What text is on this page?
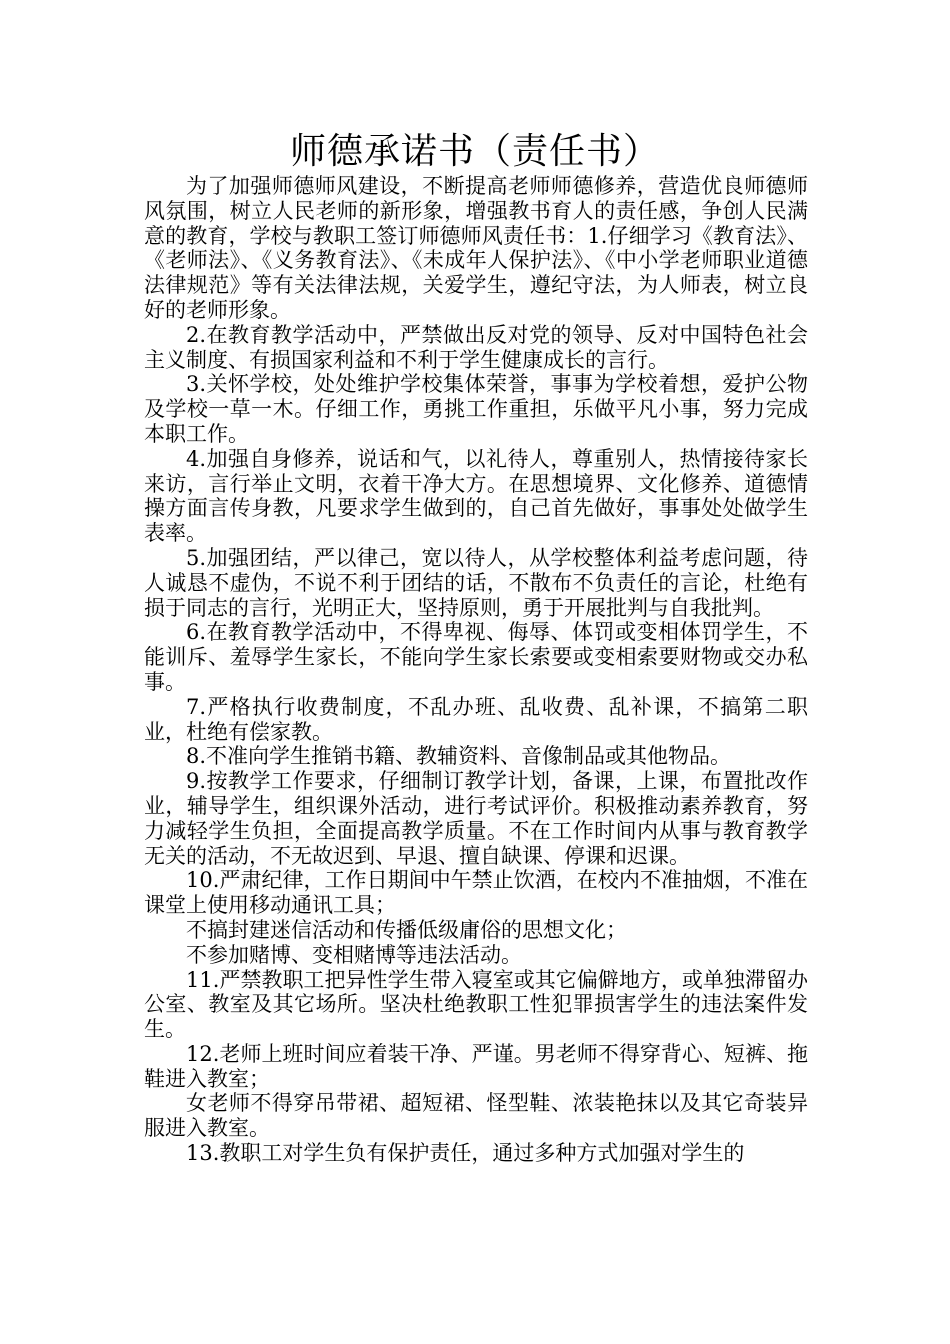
师德承诺书（责任书）

为了加强师德师风建设，不断提高老师师德修养，营造优良师德师风氛围，树立人民老师的新形象，增强教书育人的责任感，争创人民满意的教育，学校与教职工签订师德师风责任书：1.仔细学习《教育法》、《老师法》、《义务教育法》、《未成年人保护法》、《中小学老师职业道德法律规范》等有关法律法规，关爱学生，遵纪守法，为人师表，树立良好的老师形象。

2.在教育教学活动中，严禁做出反对党的领导、反对中国特色社会主义制度、有损国家利益和不利于学生健康成长的言行。

3.关怀学校，处处维护学校集体荣誉，事事为学校着想，爱护公物及学校一草一木。仔细工作，勇挑工作重担，乐做平凡小事，努力完成本职工作。

4.加强自身修养，说话和气，以礼待人，尊重别人，热情接待家长来访，言行举止文明，衣着干净大方。在思想境界、文化修养、道德情操方面言传身教，凡要求学生做到的，自己首先做好，事事处处做学生表率。

5.加强团结，严以律己，宽以待人，从学校整体利益考虑问题，待人诚恳不虚伪，不说不利于团结的话，不散布不负责任的言论，杜绝有损于同志的言行，光明正大，坚持原则，勇于开展批判与自我批判。

6.在教育教学活动中，不得卑视、侮辱、体罚或变相体罚学生，不能训斥、羞辱学生家长，不能向学生家长索要或变相索要财物或交办私事。

7.严格执行收费制度，不乱办班、乱收费、乱补课，不搞第二职业，杜绝有偿家教。

8.不准向学生推销书籍、教辅资料、音像制品或其他物品。

9.按教学工作要求，仔细制订教学计划，备课，上课，布置批改作业，辅导学生，组织课外活动，进行考试评价。积极推动素养教育，努力减轻学生负担，全面提高教学质量。不在工作时间内从事与教育教学无关的活动，不无故迟到、早退、擅自缺课、停课和迟课。

10.严肃纪律，工作日期间中午禁止饮酒，在校内不准抽烟，不准在课堂上使用移动通讯工具；

不搞封建迷信活动和传播低级庸俗的思想文化；

不参加赌博、变相赌博等违法活动。

11.严禁教职工把异性学生带入寝室或其它偏僻地方，或单独滞留办公室、教室及其它场所。坚决杜绝教职工性犯罪损害学生的违法案件发生。

12.老师上班时间应着装干净、严谨。男老师不得穿背心、短裤、拖鞋进入教室；

女老师不得穿吊带裙、超短裙、怪型鞋、浓装艳抹以及其它奇装异服进入教室。

13.教职工对学生负有保护责任，通过多种方式加强对学生的
